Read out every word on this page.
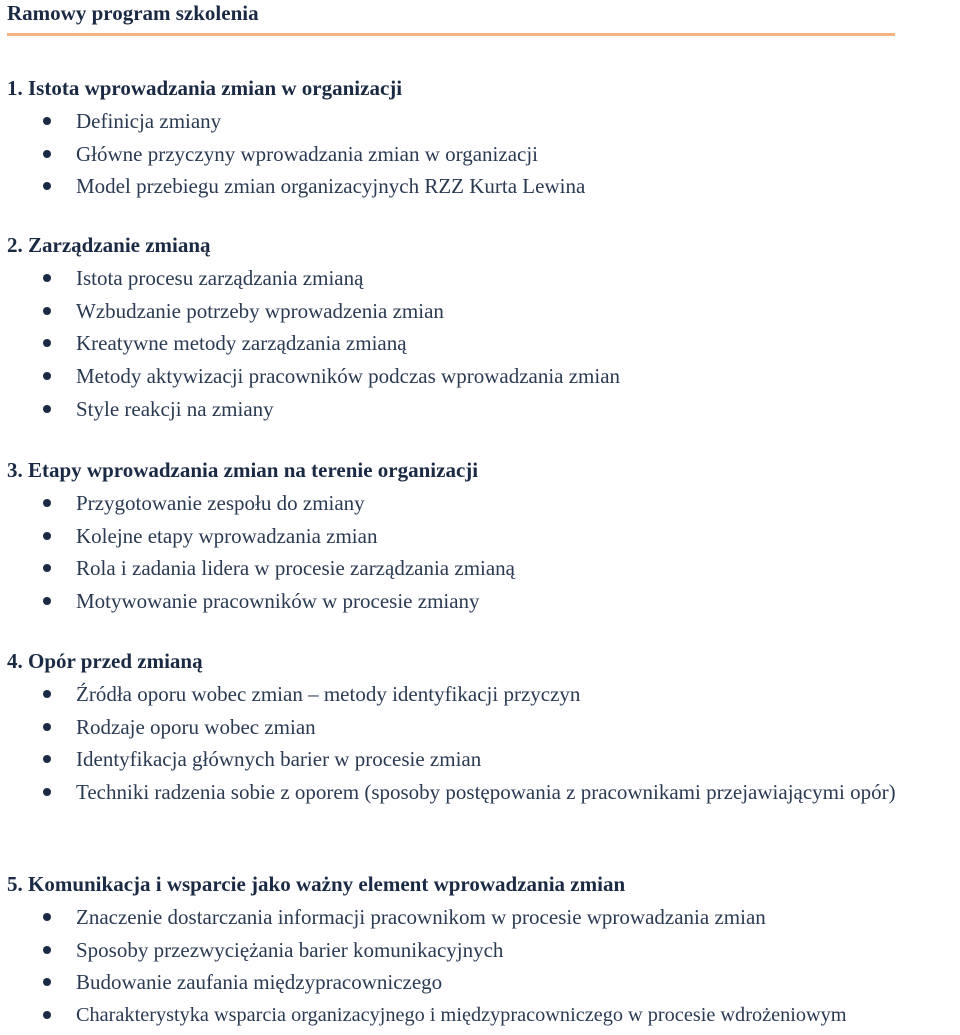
Ramowy program szkolenia
1. Istota wprowadzania zmian w organizacji
Definicja zmiany
Główne przyczyny wprowadzania zmian w organizacji
Model przebiegu zmian organizacyjnych RZZ Kurta Lewina
2. Zarządzanie zmianą
Istota procesu zarządzania zmianą
Wzbudzanie potrzeby wprowadzenia zmian
Kreatywne metody zarządzania zmianą
Metody aktywizacji pracowników podczas wprowadzania zmian
Style reakcji na zmiany
3. Etapy wprowadzania zmian na terenie organizacji
Przygotowanie zespołu do zmiany
Kolejne etapy wprowadzania zmian
Rola i zadania lidera w procesie zarządzania zmianą
Motywowanie pracowników w procesie zmiany
4. Opór przed zmianą
Źródła oporu wobec zmian – metody identyfikacji przyczyn
Rodzaje oporu wobec zmian
Identyfikacja głównych barier w procesie zmian
Techniki radzenia sobie z oporem (sposoby postępowania z pracownikami przejawiającymi opór)
5. Komunikacja i wsparcie jako ważny element wprowadzania zmian
Znaczenie dostarczania informacji pracownikom w procesie wprowadzania zmian
Sposoby przezwyciężania barier komunikacyjnych
Budowanie zaufania międzypracowniczego
Charakterystyka wsparcia organizacyjnego i międzypracowniczego w procesie wdrożeniowym
